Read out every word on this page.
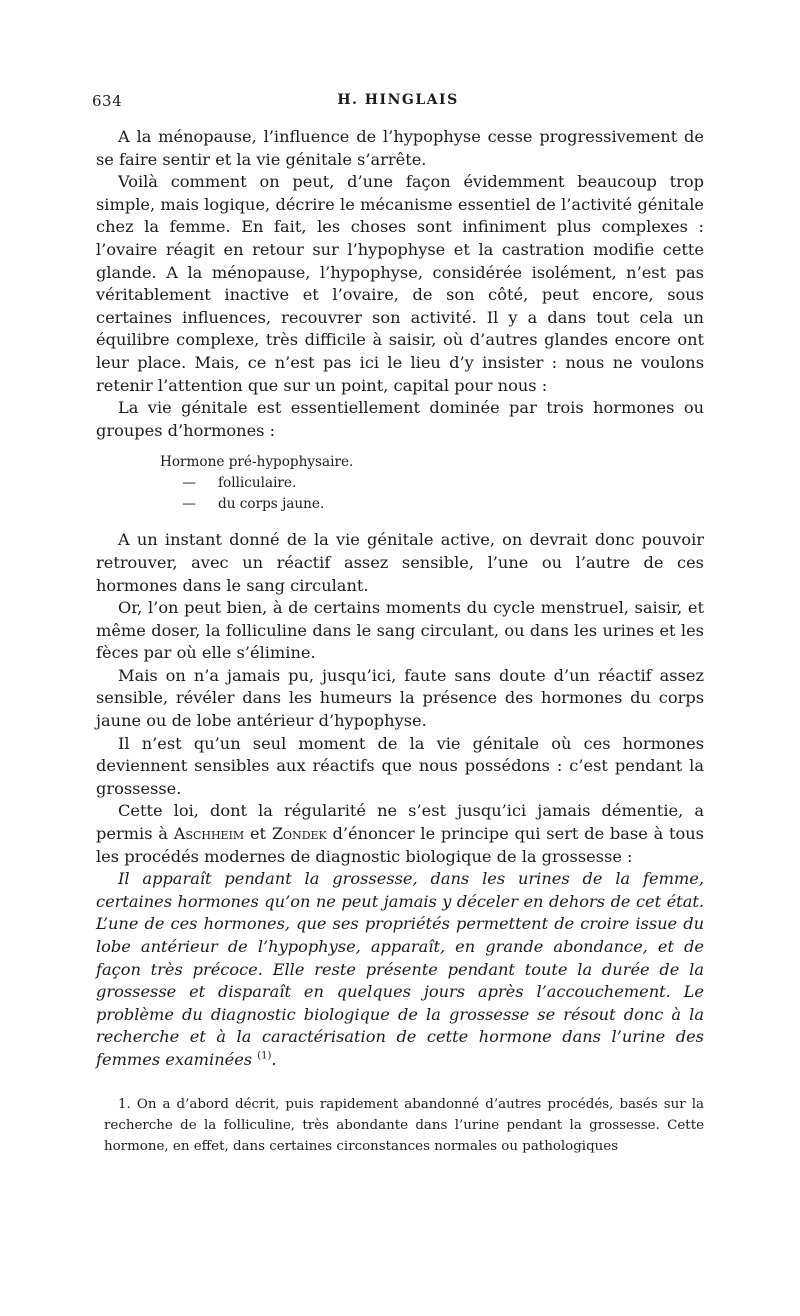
634	H. HINGLAIS

A la ménopause, l’influence de l’hypophyse cesse progressivement de se faire sentir et la vie génitale s’arrête.

Voilà comment on peut, d’une façon évidemment beaucoup trop simple, mais logique, décrire le mécanisme essentiel de l’activité génitale chez la femme. En fait, les choses sont infiniment plus complexes : l’ovaire réagit en retour sur l’hypophyse et la castration modifie cette glande. A la ménopause, l’hypophyse, considérée isolément, n’est pas véritablement inactive et l’ovaire, de son côté, peut encore, sous certaines influences, recouvrer son activité. Il y a dans tout cela un équilibre complexe, très difficile à saisir, où d’autres glandes encore ont leur place. Mais, ce n’est pas ici le lieu d’y insister : nous ne voulons retenir l’attention que sur un point, capital pour nous :

La vie génitale est essentiellement dominée par trois hormones ou groupes d’hormones :

Hormone pré-hypophysaire.
— folliculaire.
— du corps jaune.

A un instant donné de la vie génitale active, on devrait donc pouvoir retrouver, avec un réactif assez sensible, l’une ou l’autre de ces hormones dans le sang circulant.

Or, l’on peut bien, à de certains moments du cycle menstruel, saisir, et même doser, la folliculine dans le sang circulant, ou dans les urines et les fèces par où elle s’élimine.

Mais on n’a jamais pu, jusqu’ici, faute sans doute d’un réactif assez sensible, révéler dans les humeurs la présence des hormones du corps jaune ou de lobe antérieur d’hypophyse.

Il n’est qu’un seul moment de la vie génitale où ces hormones deviennent sensibles aux réactifs que nous possédons : c’est pendant la grossesse.

Cette loi, dont la régularité ne s’est jusqu’ici jamais démentie, a permis à Aschheim et Zondek d’énoncer le principe qui sert de base à tous les procédés modernes de diagnostic biologique de la grossesse :

Il apparaît pendant la grossesse, dans les urines de la femme, certaines hormones qu’on ne peut jamais y déceler en dehors de cet état. L’une de ces hormones, que ses propriétés permettent de croire issue du lobe antérieur de l’hypophyse, apparaît, en grande abondance, et de façon très précoce. Elle reste présente pendant toute la durée de la grossesse et disparaît en quelques jours après l’accouchement. Le problème du diagnostic biologique de la grossesse se résout donc à la recherche et à la caractérisation de cette hormone dans l’urine des femmes examinées $^{(1)}$.

1. On a d’abord décrit, puis rapidement abandonné d’autres procédés, basés sur la recherche de la folliculine, très abondante dans l’urine pendant la grossesse. Cette hormone, en effet, dans certaines circonstances normales ou pathologiques
